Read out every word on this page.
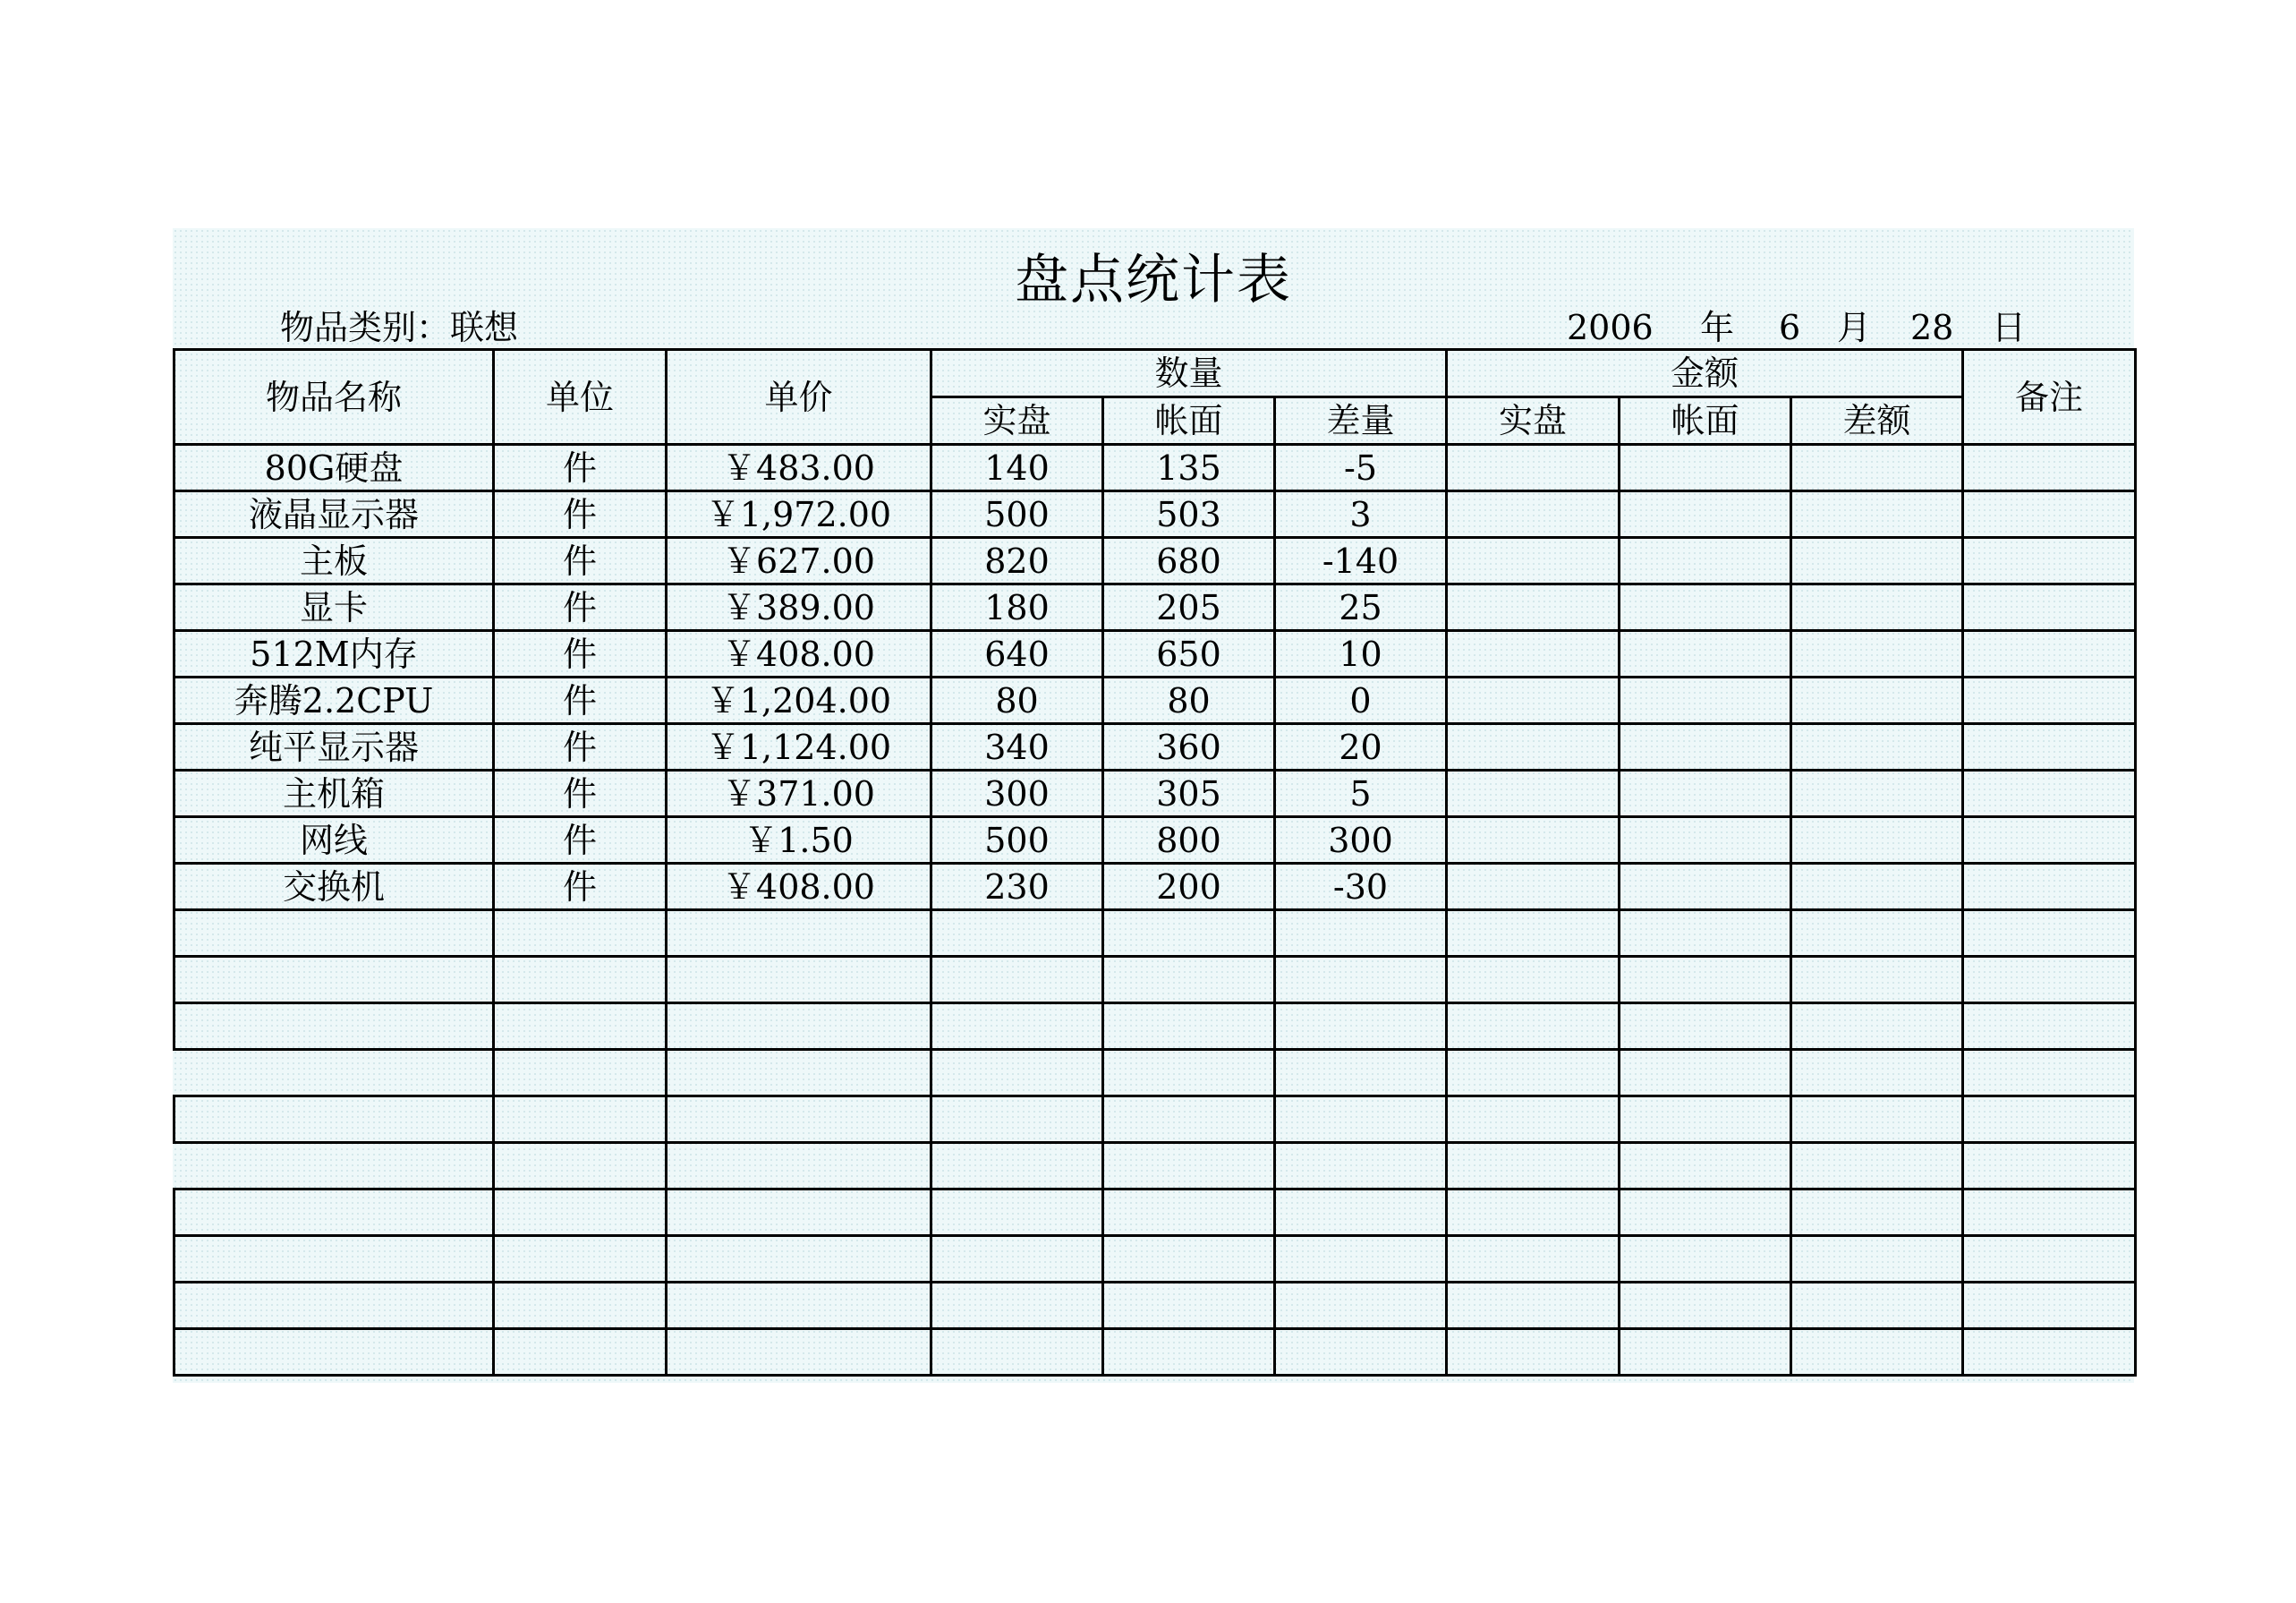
盘点统计表
物品类别：联想	2006 年 6 月 28 日
物品名称	单位	单价	数量			金额			备注
			实盘	帐面	差量	实盘	帐面	差额	
80G硬盘	件	￥483.00	140	135	-5				
液晶显示器	件	￥1,972.00	500	503	3				
主板	件	￥627.00	820	680	-140				
显卡	件	￥389.00	180	205	25				
512M内存	件	￥408.00	640	650	10				
奔腾2.2CPU	件	￥1,204.00	80	80	0				
纯平显示器	件	￥1,124.00	340	360	20				
主机箱	件	￥371.00	300	305	5				
网线	件	￥1.50	500	800	300				
交换机	件	￥408.00	230	200	-30				
